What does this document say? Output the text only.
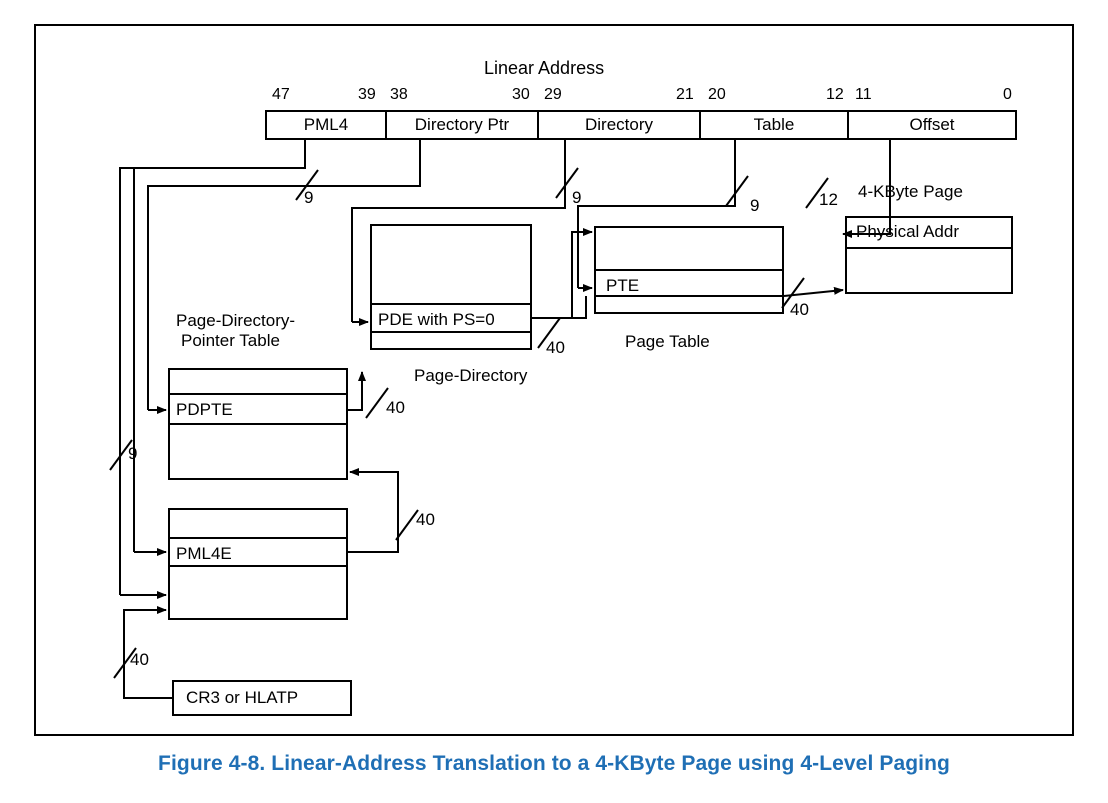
Linear Address
47	39 38	30 29	21 20	12 11	0
PML4	Directory Ptr	Directory	Table	Offset
Physical Addr
4-KByte Page
PTE
Page Table
PDE with PS=0
Page-Directory
PDPTE
Page-Directory-
Pointer Table
PML4E
CR3 or HLATP
9	9	9	12
9
40
40
40
40
40
Figure 4-8. Linear-Address Translation to a 4-KByte Page using 4-Level Paging
